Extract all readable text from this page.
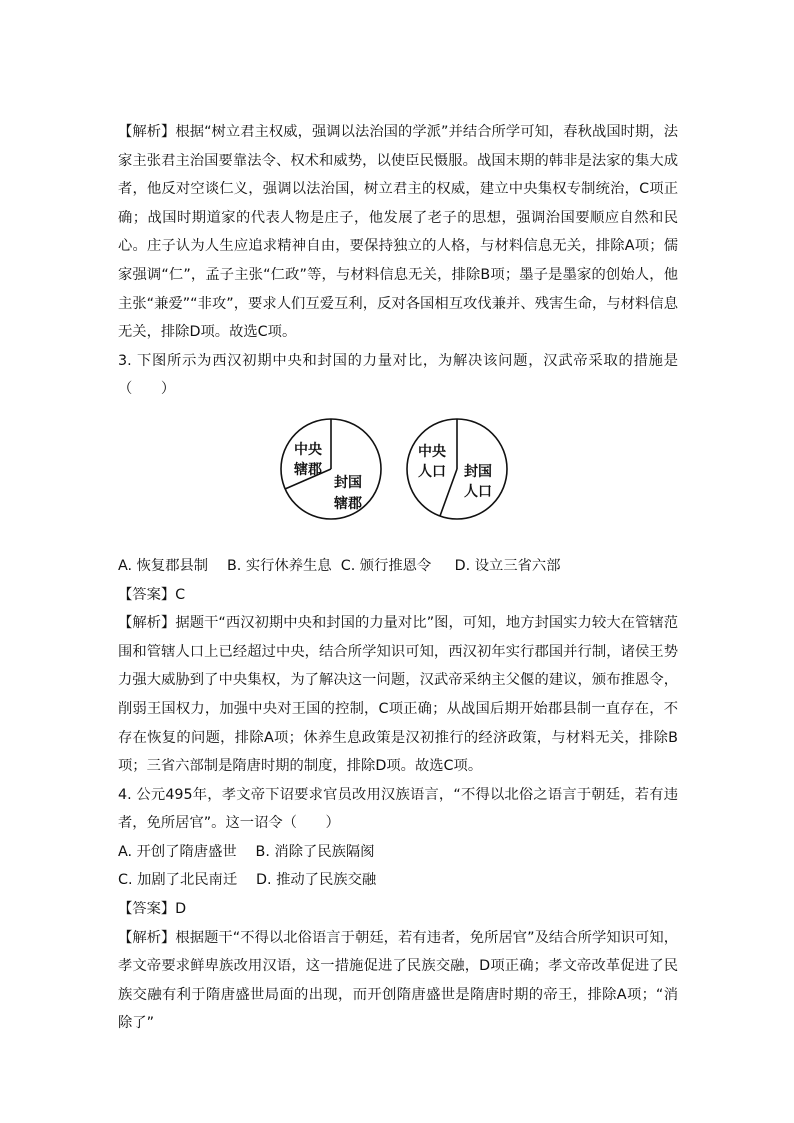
【解析】根据“树立君主权威，强调以法治国的学派”并结合所学可知，春秋战国时期，法家主张君主治国要靠法令、权术和威势，以使臣民慑服。战国末期的韩非是法家的集大成者，他反对空谈仁义，强调以法治国，树立君主的权威，建立中央集权专制统治，C项正确；战国时期道家的代表人物是庄子，他发展了老子的思想，强调治国要顺应自然和民心。庄子认为人生应追求精神自由，要保持独立的人格，与材料信息无关，排除A项；儒家强调“仁”，孟子主张“仁政”等，与材料信息无关，排除B项；墨子是墨家的创始人，他主张“兼爱”“非攻”，要求人们互爱互利，反对各国相互攻伐兼并、残害生命，与材料信息无关，排除D项。故选C项。

3. 下图所示为西汉初期中央和封国的力量对比，为解决该问题，汉武帝采取的措施是（　　）

中央
辖郡
封国
辖郡
中央
人口 封国
人口

A. 恢复郡县制　 B. 实行休养生息  C. 颁行推恩令　  D. 设立三省六部

【答案】C

【解析】据题干“西汉初期中央和封国的力量对比”图，可知，地方封国实力较大在管辖范围和管辖人口上已经超过中央，结合所学知识可知，西汉初年实行郡国并行制，诸侯王势力强大威胁到了中央集权，为了解决这一问题，汉武帝采纳主父偃的建议，颁布推恩令，削弱王国权力，加强中央对王国的控制，C项正确；从战国后期开始郡县制一直存在，不存在恢复的问题，排除A项；休养生息政策是汉初推行的经济政策，与材料无关，排除B项；三省六部制是隋唐时期的制度，排除D项。故选C项。

4. 公元495年，孝文帝下诏要求官员改用汉族语言，“不得以北俗之语言于朝廷，若有违者，免所居官”。这一诏令（　　）

A. 开创了隋唐盛世　 B. 消除了民族隔阂

C. 加剧了北民南迁　 D. 推动了民族交融

【答案】D

【解析】根据题干“不得以北俗语言于朝廷，若有违者，免所居官”及结合所学知识可知，孝文帝要求鲜卑族改用汉语，这一措施促进了民族交融，D项正确；孝文帝改革促进了民族交融有利于隋唐盛世局面的出现，而开创隋唐盛世是隋唐时期的帝王，排除A项；“消除了”
